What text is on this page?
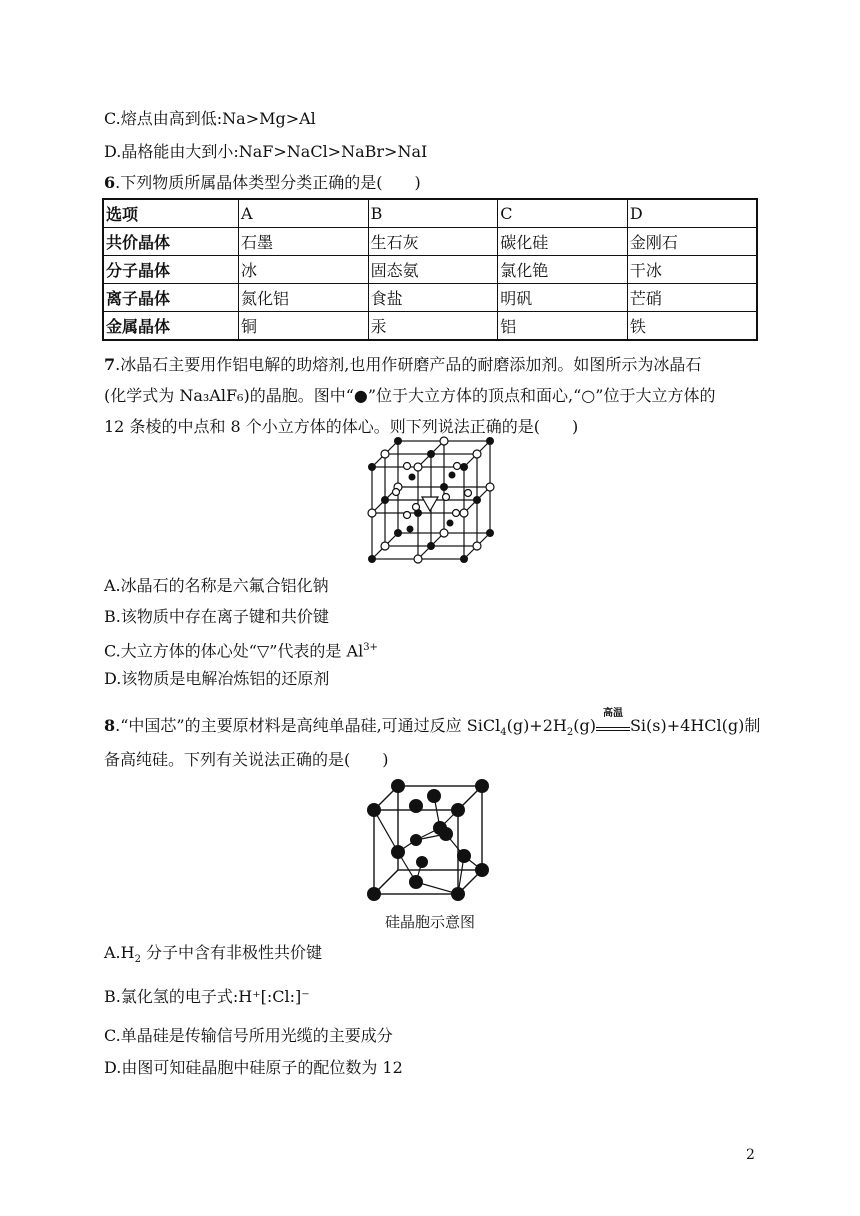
C.熔点由高到低:Na>Mg>Al
D.晶格能由大到小:NaF>NaCl>NaBr>NaI
6.下列物质所属晶体类型分类正确的是(　　)
选项	A	B	C	D
共价晶体	石墨	生石灰	碳化硅	金刚石
分子晶体	冰	固态氨	氯化铯	干冰
离子晶体	氮化铝	食盐	明矾	芒硝
金属晶体	铜	汞	铝	铁
7.冰晶石主要用作铝电解的助熔剂,也用作研磨产品的耐磨添加剂。如图所示为冰晶石
(化学式为 Na₃AlF₆)的晶胞。图中“●”位于大立方体的顶点和面心,“○”位于大立方体的
12 条棱的中点和 8 个小立方体的体心。则下列说法正确的是(　　)
A.冰晶石的名称是六氟合铝化钠
B.该物质中存在离子键和共价键
C.大立方体的体心处“▽”代表的是 $Al^{3+}$
D.该物质是电解冶炼铝的还原剂
8.“中国芯”的主要原材料是高纯单晶硅,可通过反应 $SiCl_4(g)+2H_2(g)$
高温
Si(s)+4HCl(g)制
备高纯硅。下列有关说法正确的是(　　)
硅晶胞示意图
$A.H_2$ 分子中含有非极性共价键
B.氯化氢的电子式:H⁺[:Cl:]⁻
C.单晶硅是传输信号所用光缆的主要成分
D.由图可知硅晶胞中硅原子的配位数为 12
2
